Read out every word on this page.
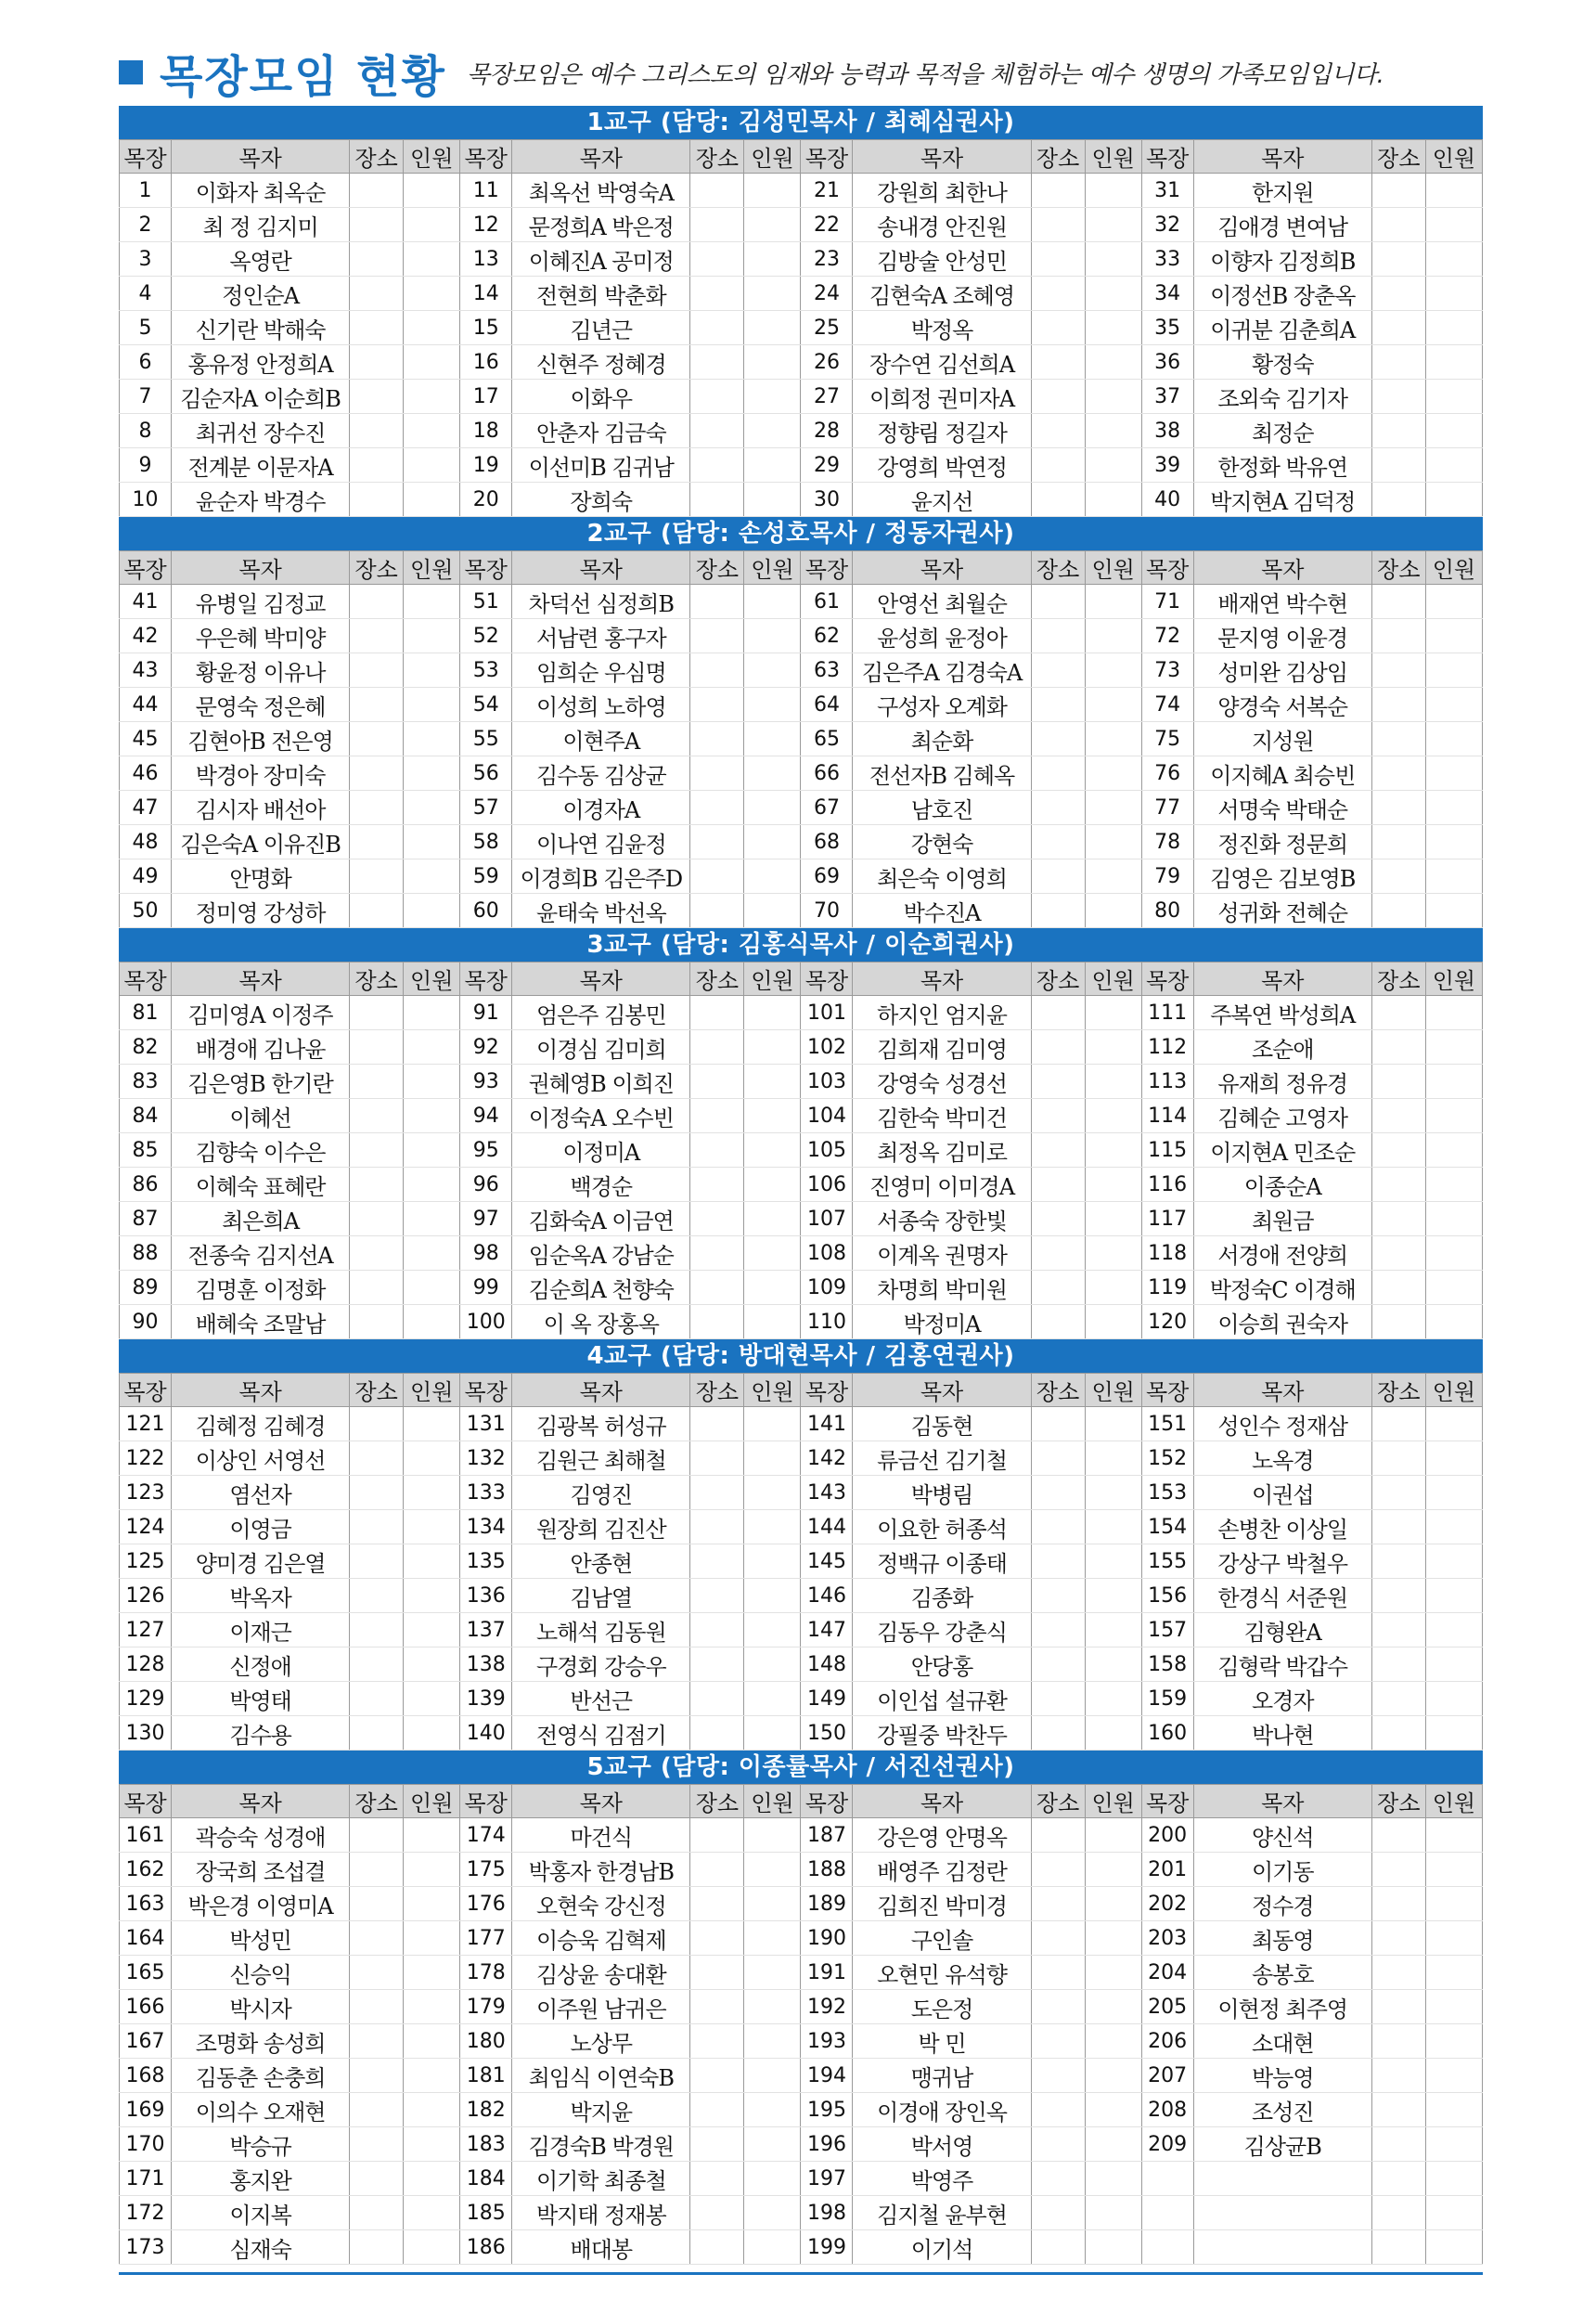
목장모임 현황 목장모임은 예수 그리스도의 임재와 능력과 목적을 체험하는 예수 생명의 가족모임입니다.
1교구 (담당: 김성민목사 / 최혜심권사)
목장	목자	장소	인원	목장	목자	장소	인원	목장	목자	장소	인원	목장	목자	장소	인원
1	이화자 최옥순			11	최옥선 박영숙A			21	강원희 최한나			31	한지원		
2	최 정 김지미			12	문정희A 박은정			22	송내경 안진원			32	김애경 변여남		
3	옥영란			13	이혜진A 공미정			23	김방술 안성민			33	이향자 김정희B		
4	정인순A			14	전현희 박춘화			24	김현숙A 조혜영			34	이정선B 장춘옥		
5	신기란 박해숙			15	김년근			25	박정옥			35	이귀분 김춘희A		
6	홍유정 안정희A			16	신현주 정혜경			26	장수연 김선희A			36	황정숙		
7	김순자A 이순희B			17	이화우			27	이희정 권미자A			37	조외숙 김기자		
8	최귀선 장수진			18	안춘자 김금숙			28	정향림 정길자			38	최정순		
9	전계분 이문자A			19	이선미B 김귀남			29	강영희 박연정			39	한정화 박유연		
10	윤순자 박경수			20	장희숙			30	윤지선			40	박지현A 김덕정		
2교구 (담당: 손성호목사 / 정동자권사)
목장	목자	장소	인원	목장	목자	장소	인원	목장	목자	장소	인원	목장	목자	장소	인원
41	유병일 김정교			51	차덕선 심정희B			61	안영선 최월순			71	배재연 박수현		
42	우은혜 박미양			52	서남련 홍구자			62	윤성희 윤정아			72	문지영 이윤경		
43	황윤정 이유나			53	임희순 우심명			63	김은주A 김경숙A			73	성미완 김상임		
44	문영숙 정은혜			54	이성희 노하영			64	구성자 오계화			74	양경숙 서복순		
45	김현아B 전은영			55	이현주A			65	최순화			75	지성원		
46	박경아 장미숙			56	김수동 김상균			66	전선자B 김혜옥			76	이지혜A 최승빈		
47	김시자 배선아			57	이경자A			67	남호진			77	서명숙 박태순		
48	김은숙A 이유진B			58	이나연 김윤정			68	강현숙			78	정진화 정문희		
49	안명화			59	이경희B 김은주D			69	최은숙 이영희			79	김영은 김보영B		
50	정미영 강성하			60	윤태숙 박선옥			70	박수진A			80	성귀화 전혜순		
3교구 (담당: 김홍식목사 / 이순희권사)
목장	목자	장소	인원	목장	목자	장소	인원	목장	목자	장소	인원	목장	목자	장소	인원
81	김미영A 이정주			91	엄은주 김봉민			101	하지인 엄지윤			111	주복연 박성희A		
82	배경애 김나윤			92	이경심 김미희			102	김희재 김미영			112	조순애		
83	김은영B 한기란			93	권혜영B 이희진			103	강영숙 성경선			113	유재희 정유경		
84	이혜선			94	이정숙A 오수빈			104	김한숙 박미건			114	김혜순 고영자		
85	김향숙 이수은			95	이정미A			105	최정옥 김미로			115	이지현A 민조순		
86	이혜숙 표혜란			96	백경순			106	진영미 이미경A			116	이종순A		
87	최은희A			97	김화숙A 이금연			107	서종숙 장한빛			117	최원금		
88	전종숙 김지선A			98	임순옥A 강남순			108	이계옥 권명자			118	서경애 전양희		
89	김명훈 이정화			99	김순희A 천향숙			109	차명희 박미원			119	박정숙C 이경해		
90	배혜숙 조말남			100	이 옥 장홍옥			110	박정미A			120	이승희 권숙자		
4교구 (담당: 방대현목사 / 김홍연권사)
목장	목자	장소	인원	목장	목자	장소	인원	목장	목자	장소	인원	목장	목자	장소	인원
121	김혜정 김혜경			131	김광복 허성규			141	김동현			151	성인수 정재삼		
122	이상인 서영선			132	김원근 최해철			142	류금선 김기철			152	노옥경		
123	염선자			133	김영진			143	박병림			153	이권섭		
124	이영금			134	원장희 김진산			144	이요한 허종석			154	손병찬 이상일		
125	양미경 김은열			135	안종현			145	정백규 이종태			155	강상구 박철우		
126	박옥자			136	김남열			146	김종화			156	한경식 서준원		
127	이재근			137	노해석 김동원			147	김동우 강춘식			157	김형완A		
128	신정애			138	구경회 강승우			148	안당홍			158	김형락 박갑수		
129	박영태			139	반선근			149	이인섭 설규환			159	오경자		
130	김수용			140	전영식 김점기			150	강필중 박찬두			160	박나현		
5교구 (담당: 이종률목사 / 서진선권사)
목장	목자	장소	인원	목장	목자	장소	인원	목장	목자	장소	인원	목장	목자	장소	인원
161	곽승숙 성경애			174	마건식			187	강은영 안명옥			200	양신석		
162	장국희 조섭결			175	박홍자 한경남B			188	배영주 김정란			201	이기동		
163	박은경 이영미A			176	오현숙 강신정			189	김희진 박미경			202	정수경		
164	박성민			177	이승욱 김혁제			190	구인솔			203	최동영		
165	신승익			178	김상윤 송대환			191	오현민 유석향			204	송봉호		
166	박시자			179	이주원 남귀은			192	도은정			205	이현정 최주영		
167	조명화 송성희			180	노상무			193	박 민			206	소대현		
168	김동춘 손충희			181	최임식 이연숙B			194	맹귀남			207	박능영		
169	이의수 오재현			182	박지윤			195	이경애 장인옥			208	조성진		
170	박승규			183	김경숙B 박경원			196	박서영			209	김상균B		
171	홍지완			184	이기학 최종철			197	박영주						
172	이지복			185	박지태 정재봉			198	김지철 윤부현						
173	심재숙			186	배대봉			199	이기석						
